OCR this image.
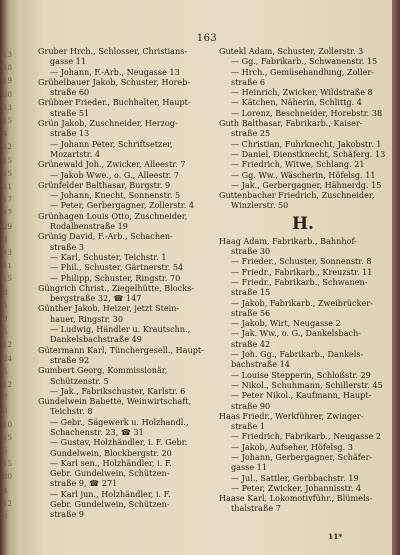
13
18
19
60
13
15
4
12
15
15
11
17
17
29
3
13
11
15
8
5
9
5
12
24
5
12
7
8
10
15
5
15
20
4
12
3
163
Gruber Hrch., Schlosser, Christians-
gasse 11
— Johann, F.-Arb., Neugasse 13
Grübelbauer Jakob, Schuster, Horeb-
straße 60
Grübner Frieder., Buchhalter, Haupt-
straße 51
Grün Jakob, Zuschneider, Herzog-
straße 13
— Johann Peter, Schriftsetzer,
Mozartstr. 4
Grünewald Joh., Zwicker, Alleestr. 7
— Jakob Wwe., o. G., Alleestr. 7
Grünfelder Balthasar, Burgstr. 9
— Johann, Knecht, Sonnenstr. 5
— Peter, Gerbergagner, Zollerstr. 4
Grünhagen Louis Otto, Zuschneider,
Rodalbenstraße 19
Grünig David, F.-Arb., Schachen-
straße 3
— Karl, Schuster, Teichstr. 1
— Phil., Schuster, Gärtnerstr. 54
— Philipp, Schuster, Ringstr. 70
Güngrich Christ., Ziegelhütte, Blocks-
bergstraße 32, ☎ 147
Günther Jakob, Heizer, jetzt Stein-
hauer, Ringstr. 30
— Ludwig, Händler u. Krautschn.,
Dankelsbachstraße 49
Gütermann Karl, Tünchergesell., Haupt-
straße 92
Gumbert Georg, Kommissionär,
Schützenstr. 5
— Jak., Fabrikschuster, Karlstr. 6
Gundelwein Babette, Weinwirtschaft,
Teichstr. 8
— Gebr., Sägewerk u. Holzhandl.,
Schachenstr. 23, ☎ 31
— Gustav, Holzhändler, i. F. Gebr.
Gundelwein, Blockbergstr. 20
— Karl sen., Holzhändler, i. F.
Gebr. Gundelwein, Schützen-
straße 9, ☎ 271
— Karl jun., Holzhändler, i. F.
Gebr. Gundelwein, Schützen-
straße 9
Gutekl Adam, Schuster, Zollerstr. 3
— Gg., Fabrikarb., Schwanenstr. 15
— Hrch., Gemüsehandlung, Zoller-
straße 6
— Heinrich, Zwicker, Wildstraße 8
— Kätchen, Näherin, Schlittg. 4
— Lorenz, Beschneider, Horebstr. 38
Guth Balthasar, Fabrikarb., Kaiser-
straße 25
— Christian, Fuhrknecht, Jakobstr. 1
— Daniel, Dienstknecht, Schäferg. 13
— Friedrich, Witwe, Schlang. 21
— Gg. Ww., Wäscherin, Höfelsg. 11
— Jak., Gerbergagner, Hähnerdg. 15
Guttenbacher Friedrich, Zuschneider,
Winzlerstr. 50
H.
Haag Adam, Fabrikarb., Bahnhof-
straße 30
— Frieder., Schuster, Sonnenstr. 8
— Friedr., Fabrikarb., Kreuzstr. 11
— Friedr., Fabrikarb., Schwanen-
straße 15
— Jakob, Fabrikarb., Zweibrücker-
straße 56
— Jakob, Wirt, Neugasse 2
— Jak. Ww., o. G., Dankelsbach-
straße 42
— Joh. Gg., Fabrikarb., Dankels-
bachstraße 14
— Louise Stepperin, Schloßstr. 29
— Nikol., Schuhmann, Schillerstr. 45
— Peter Nikol., Kaufmann, Haupt-
straße 90
Haas Friedr., Werkführer, Zwinger-
straße 1
— Friedrich, Fabrikarb., Neugasse 2
— Jakob, Aufseher, Höfelsg. 3
— Johann, Gerbergagner, Schäfer-
gasse 11
— Jul., Sattler, Gerbbachstr. 19
— Peter, Zwicker, Johannisstr. 4
Haase Karl, Lokomotivführ., Blümels-
thalstraße 7
11*
